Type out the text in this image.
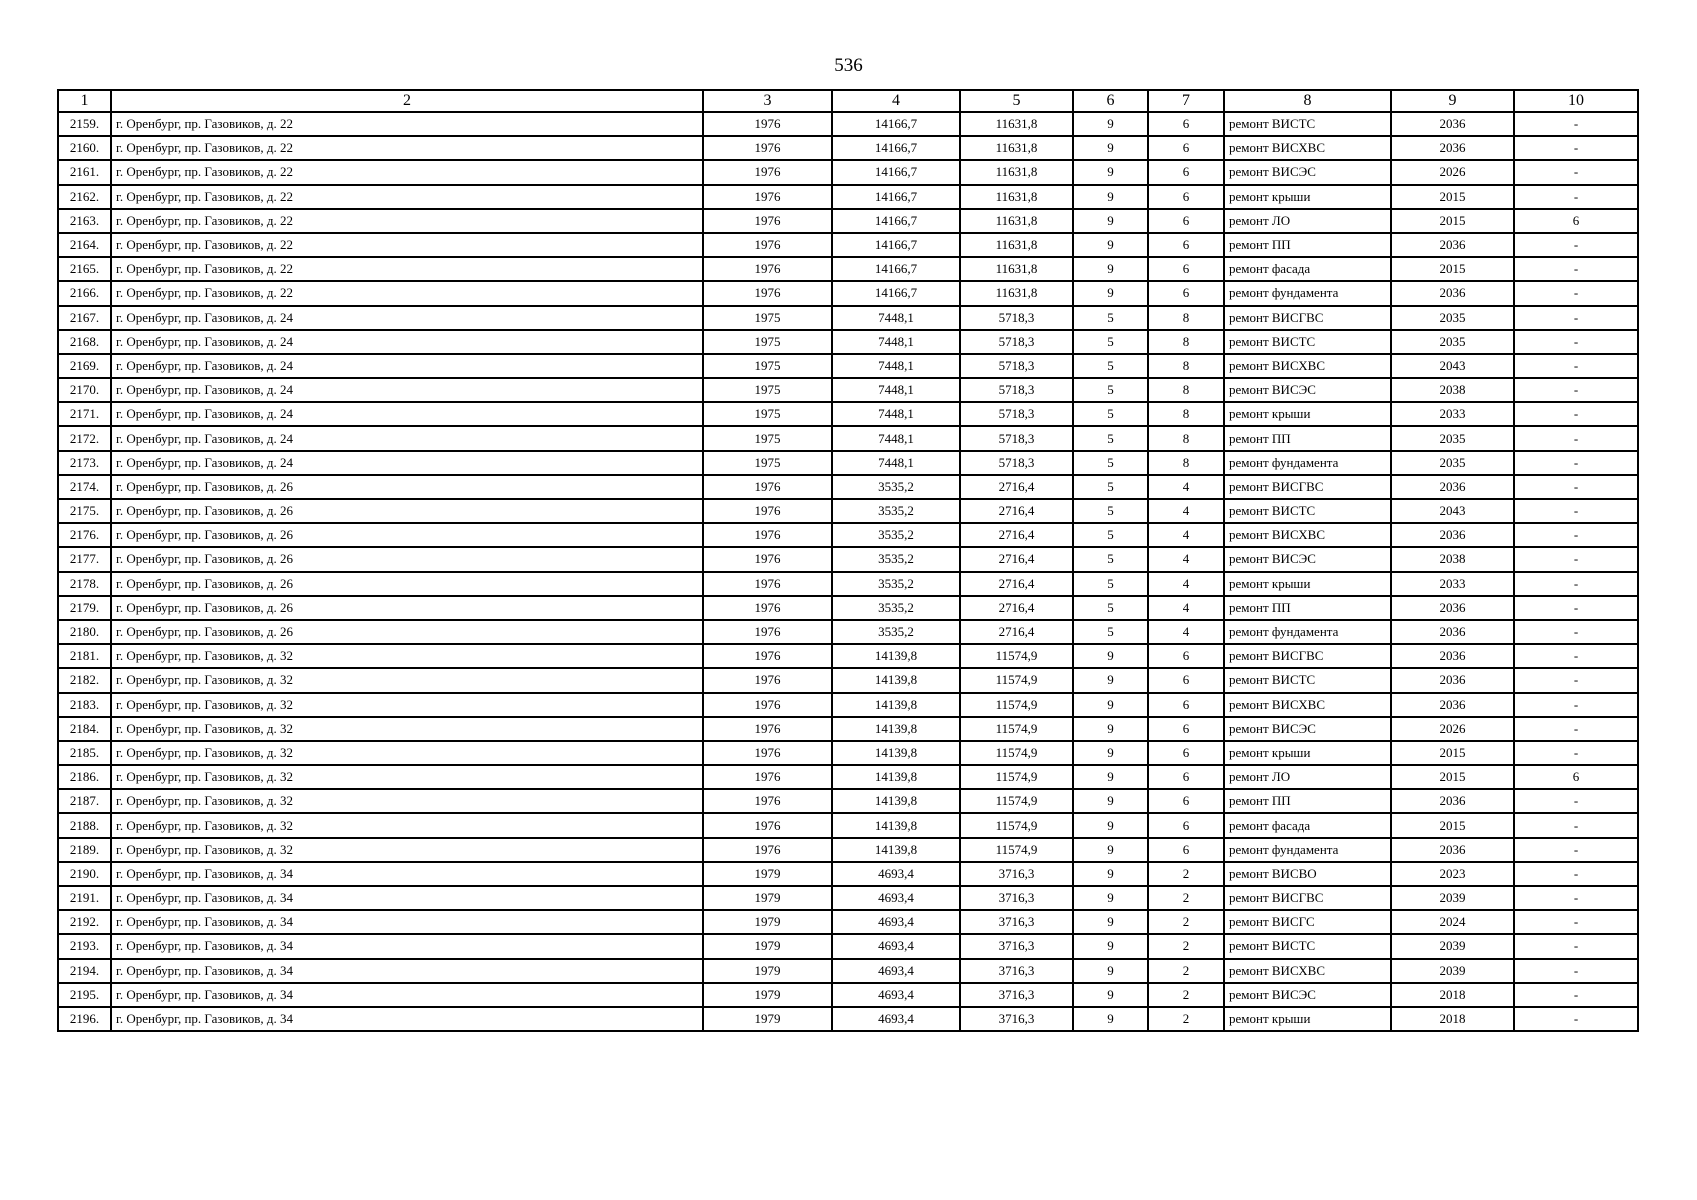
536
1	2	3	4	5	6	7	8	9	10
2159.	г. Оренбург, пр. Газовиков, д. 22	1976	14166,7	11631,8	9	6	ремонт ВИСТС	2036	-
2160.	г. Оренбург, пр. Газовиков, д. 22	1976	14166,7	11631,8	9	6	ремонт ВИСХВС	2036	-
2161.	г. Оренбург, пр. Газовиков, д. 22	1976	14166,7	11631,8	9	6	ремонт ВИСЭС	2026	-
2162.	г. Оренбург, пр. Газовиков, д. 22	1976	14166,7	11631,8	9	6	ремонт крыши	2015	-
2163.	г. Оренбург, пр. Газовиков, д. 22	1976	14166,7	11631,8	9	6	ремонт ЛО	2015	6
2164.	г. Оренбург, пр. Газовиков, д. 22	1976	14166,7	11631,8	9	6	ремонт ПП	2036	-
2165.	г. Оренбург, пр. Газовиков, д. 22	1976	14166,7	11631,8	9	6	ремонт фасада	2015	-
2166.	г. Оренбург, пр. Газовиков, д. 22	1976	14166,7	11631,8	9	6	ремонт фундамента	2036	-
2167.	г. Оренбург, пр. Газовиков, д. 24	1975	7448,1	5718,3	5	8	ремонт ВИСГВС	2035	-
2168.	г. Оренбург, пр. Газовиков, д. 24	1975	7448,1	5718,3	5	8	ремонт ВИСТС	2035	-
2169.	г. Оренбург, пр. Газовиков, д. 24	1975	7448,1	5718,3	5	8	ремонт ВИСХВС	2043	-
2170.	г. Оренбург, пр. Газовиков, д. 24	1975	7448,1	5718,3	5	8	ремонт ВИСЭС	2038	-
2171.	г. Оренбург, пр. Газовиков, д. 24	1975	7448,1	5718,3	5	8	ремонт крыши	2033	-
2172.	г. Оренбург, пр. Газовиков, д. 24	1975	7448,1	5718,3	5	8	ремонт ПП	2035	-
2173.	г. Оренбург, пр. Газовиков, д. 24	1975	7448,1	5718,3	5	8	ремонт фундамента	2035	-
2174.	г. Оренбург, пр. Газовиков, д. 26	1976	3535,2	2716,4	5	4	ремонт ВИСГВС	2036	-
2175.	г. Оренбург, пр. Газовиков, д. 26	1976	3535,2	2716,4	5	4	ремонт ВИСТС	2043	-
2176.	г. Оренбург, пр. Газовиков, д. 26	1976	3535,2	2716,4	5	4	ремонт ВИСХВС	2036	-
2177.	г. Оренбург, пр. Газовиков, д. 26	1976	3535,2	2716,4	5	4	ремонт ВИСЭС	2038	-
2178.	г. Оренбург, пр. Газовиков, д. 26	1976	3535,2	2716,4	5	4	ремонт крыши	2033	-
2179.	г. Оренбург, пр. Газовиков, д. 26	1976	3535,2	2716,4	5	4	ремонт ПП	2036	-
2180.	г. Оренбург, пр. Газовиков, д. 26	1976	3535,2	2716,4	5	4	ремонт фундамента	2036	-
2181.	г. Оренбург, пр. Газовиков, д. 32	1976	14139,8	11574,9	9	6	ремонт ВИСГВС	2036	-
2182.	г. Оренбург, пр. Газовиков, д. 32	1976	14139,8	11574,9	9	6	ремонт ВИСТС	2036	-
2183.	г. Оренбург, пр. Газовиков, д. 32	1976	14139,8	11574,9	9	6	ремонт ВИСХВС	2036	-
2184.	г. Оренбург, пр. Газовиков, д. 32	1976	14139,8	11574,9	9	6	ремонт ВИСЭС	2026	-
2185.	г. Оренбург, пр. Газовиков, д. 32	1976	14139,8	11574,9	9	6	ремонт крыши	2015	-
2186.	г. Оренбург, пр. Газовиков, д. 32	1976	14139,8	11574,9	9	6	ремонт ЛО	2015	6
2187.	г. Оренбург, пр. Газовиков, д. 32	1976	14139,8	11574,9	9	6	ремонт ПП	2036	-
2188.	г. Оренбург, пр. Газовиков, д. 32	1976	14139,8	11574,9	9	6	ремонт фасада	2015	-
2189.	г. Оренбург, пр. Газовиков, д. 32	1976	14139,8	11574,9	9	6	ремонт фундамента	2036	-
2190.	г. Оренбург, пр. Газовиков, д. 34	1979	4693,4	3716,3	9	2	ремонт ВИСВО	2023	-
2191.	г. Оренбург, пр. Газовиков, д. 34	1979	4693,4	3716,3	9	2	ремонт ВИСГВС	2039	-
2192.	г. Оренбург, пр. Газовиков, д. 34	1979	4693,4	3716,3	9	2	ремонт ВИСГС	2024	-
2193.	г. Оренбург, пр. Газовиков, д. 34	1979	4693,4	3716,3	9	2	ремонт ВИСТС	2039	-
2194.	г. Оренбург, пр. Газовиков, д. 34	1979	4693,4	3716,3	9	2	ремонт ВИСХВС	2039	-
2195.	г. Оренбург, пр. Газовиков, д. 34	1979	4693,4	3716,3	9	2	ремонт ВИСЭС	2018	-
2196.	г. Оренбург, пр. Газовиков, д. 34	1979	4693,4	3716,3	9	2	ремонт крыши	2018	-
